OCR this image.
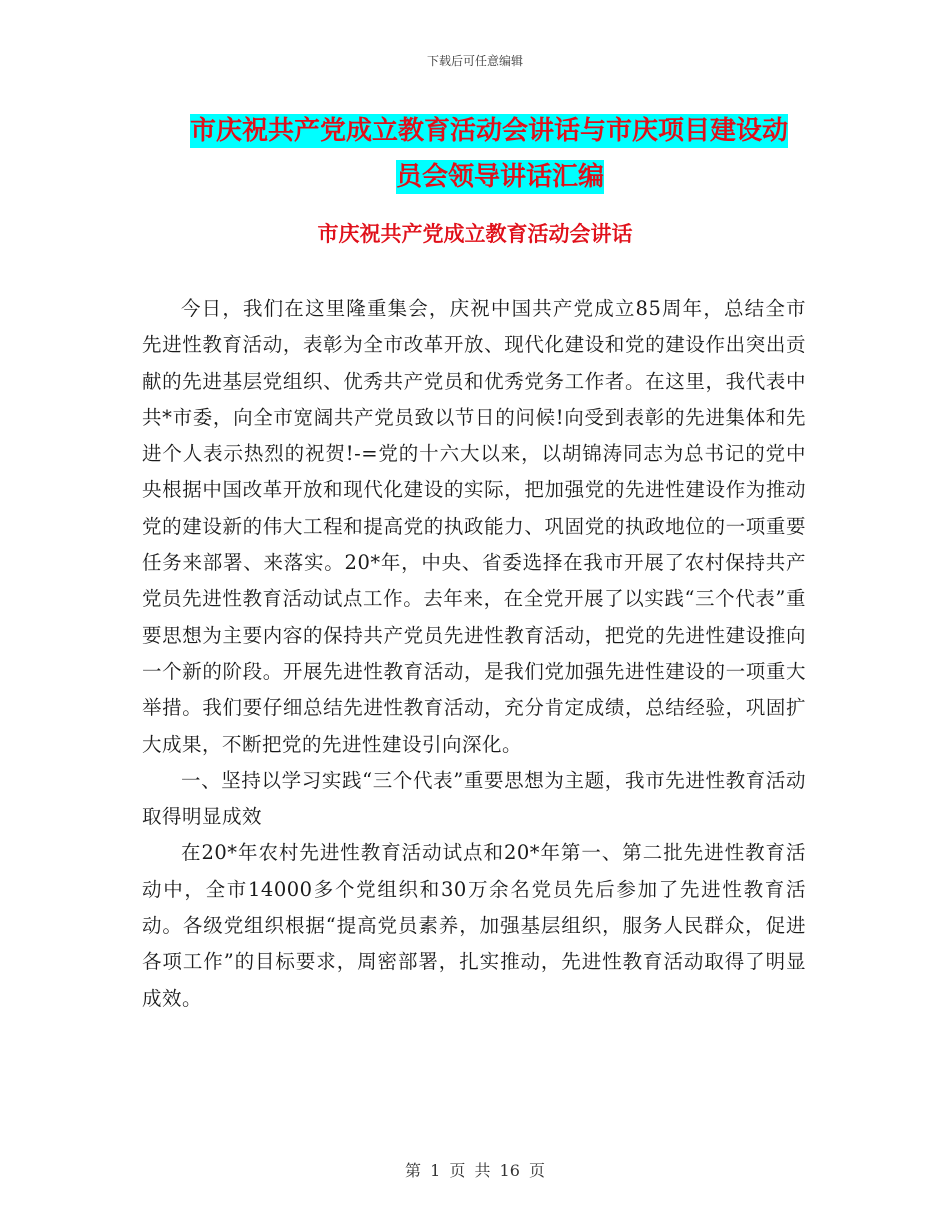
下载后可任意编辑
市庆祝共产党成立教育活动会讲话与市庆项目建设动
员会领导讲话汇编
市庆祝共产党成立教育活动会讲话

今日，我们在这里隆重集会，庆祝中国共产党成立85周年，总结全市先进性教育活动，表彰为全市改革开放、现代化建设和党的建设作出突出贡献的先进基层党组织、优秀共产党员和优秀党务工作者。在这里，我代表中共*市委，向全市宽阔共产党员致以节日的问候!向受到表彰的先进集体和先进个人表示热烈的祝贺!-=党的十六大以来，以胡锦涛同志为总书记的党中央根据中国改革开放和现代化建设的实际，把加强党的先进性建设作为推动党的建设新的伟大工程和提高党的执政能力、巩固党的执政地位的一项重要任务来部署、来落实。20*年，中央、省委选择在我市开展了农村保持共产党员先进性教育活动试点工作。去年来，在全党开展了以实践“三个代表”重要思想为主要内容的保持共产党员先进性教育活动，把党的先进性建设推向一个新的阶段。开展先进性教育活动，是我们党加强先进性建设的一项重大举措。我们要仔细总结先进性教育活动，充分肯定成绩，总结经验，巩固扩大成果，不断把党的先进性建设引向深化。

一、坚持以学习实践“三个代表”重要思想为主题，我市先进性教育活动取得明显成效

在20*年农村先进性教育活动试点和20*年第一、第二批先进性教育活动中，全市14000多个党组织和30万余名党员先后参加了先进性教育活动。各级党组织根据“提高党员素养，加强基层组织，服务人民群众，促进各项工作”的目标要求，周密部署，扎实推动，先进性教育活动取得了明显成效。

第 1 页 共 16 页
